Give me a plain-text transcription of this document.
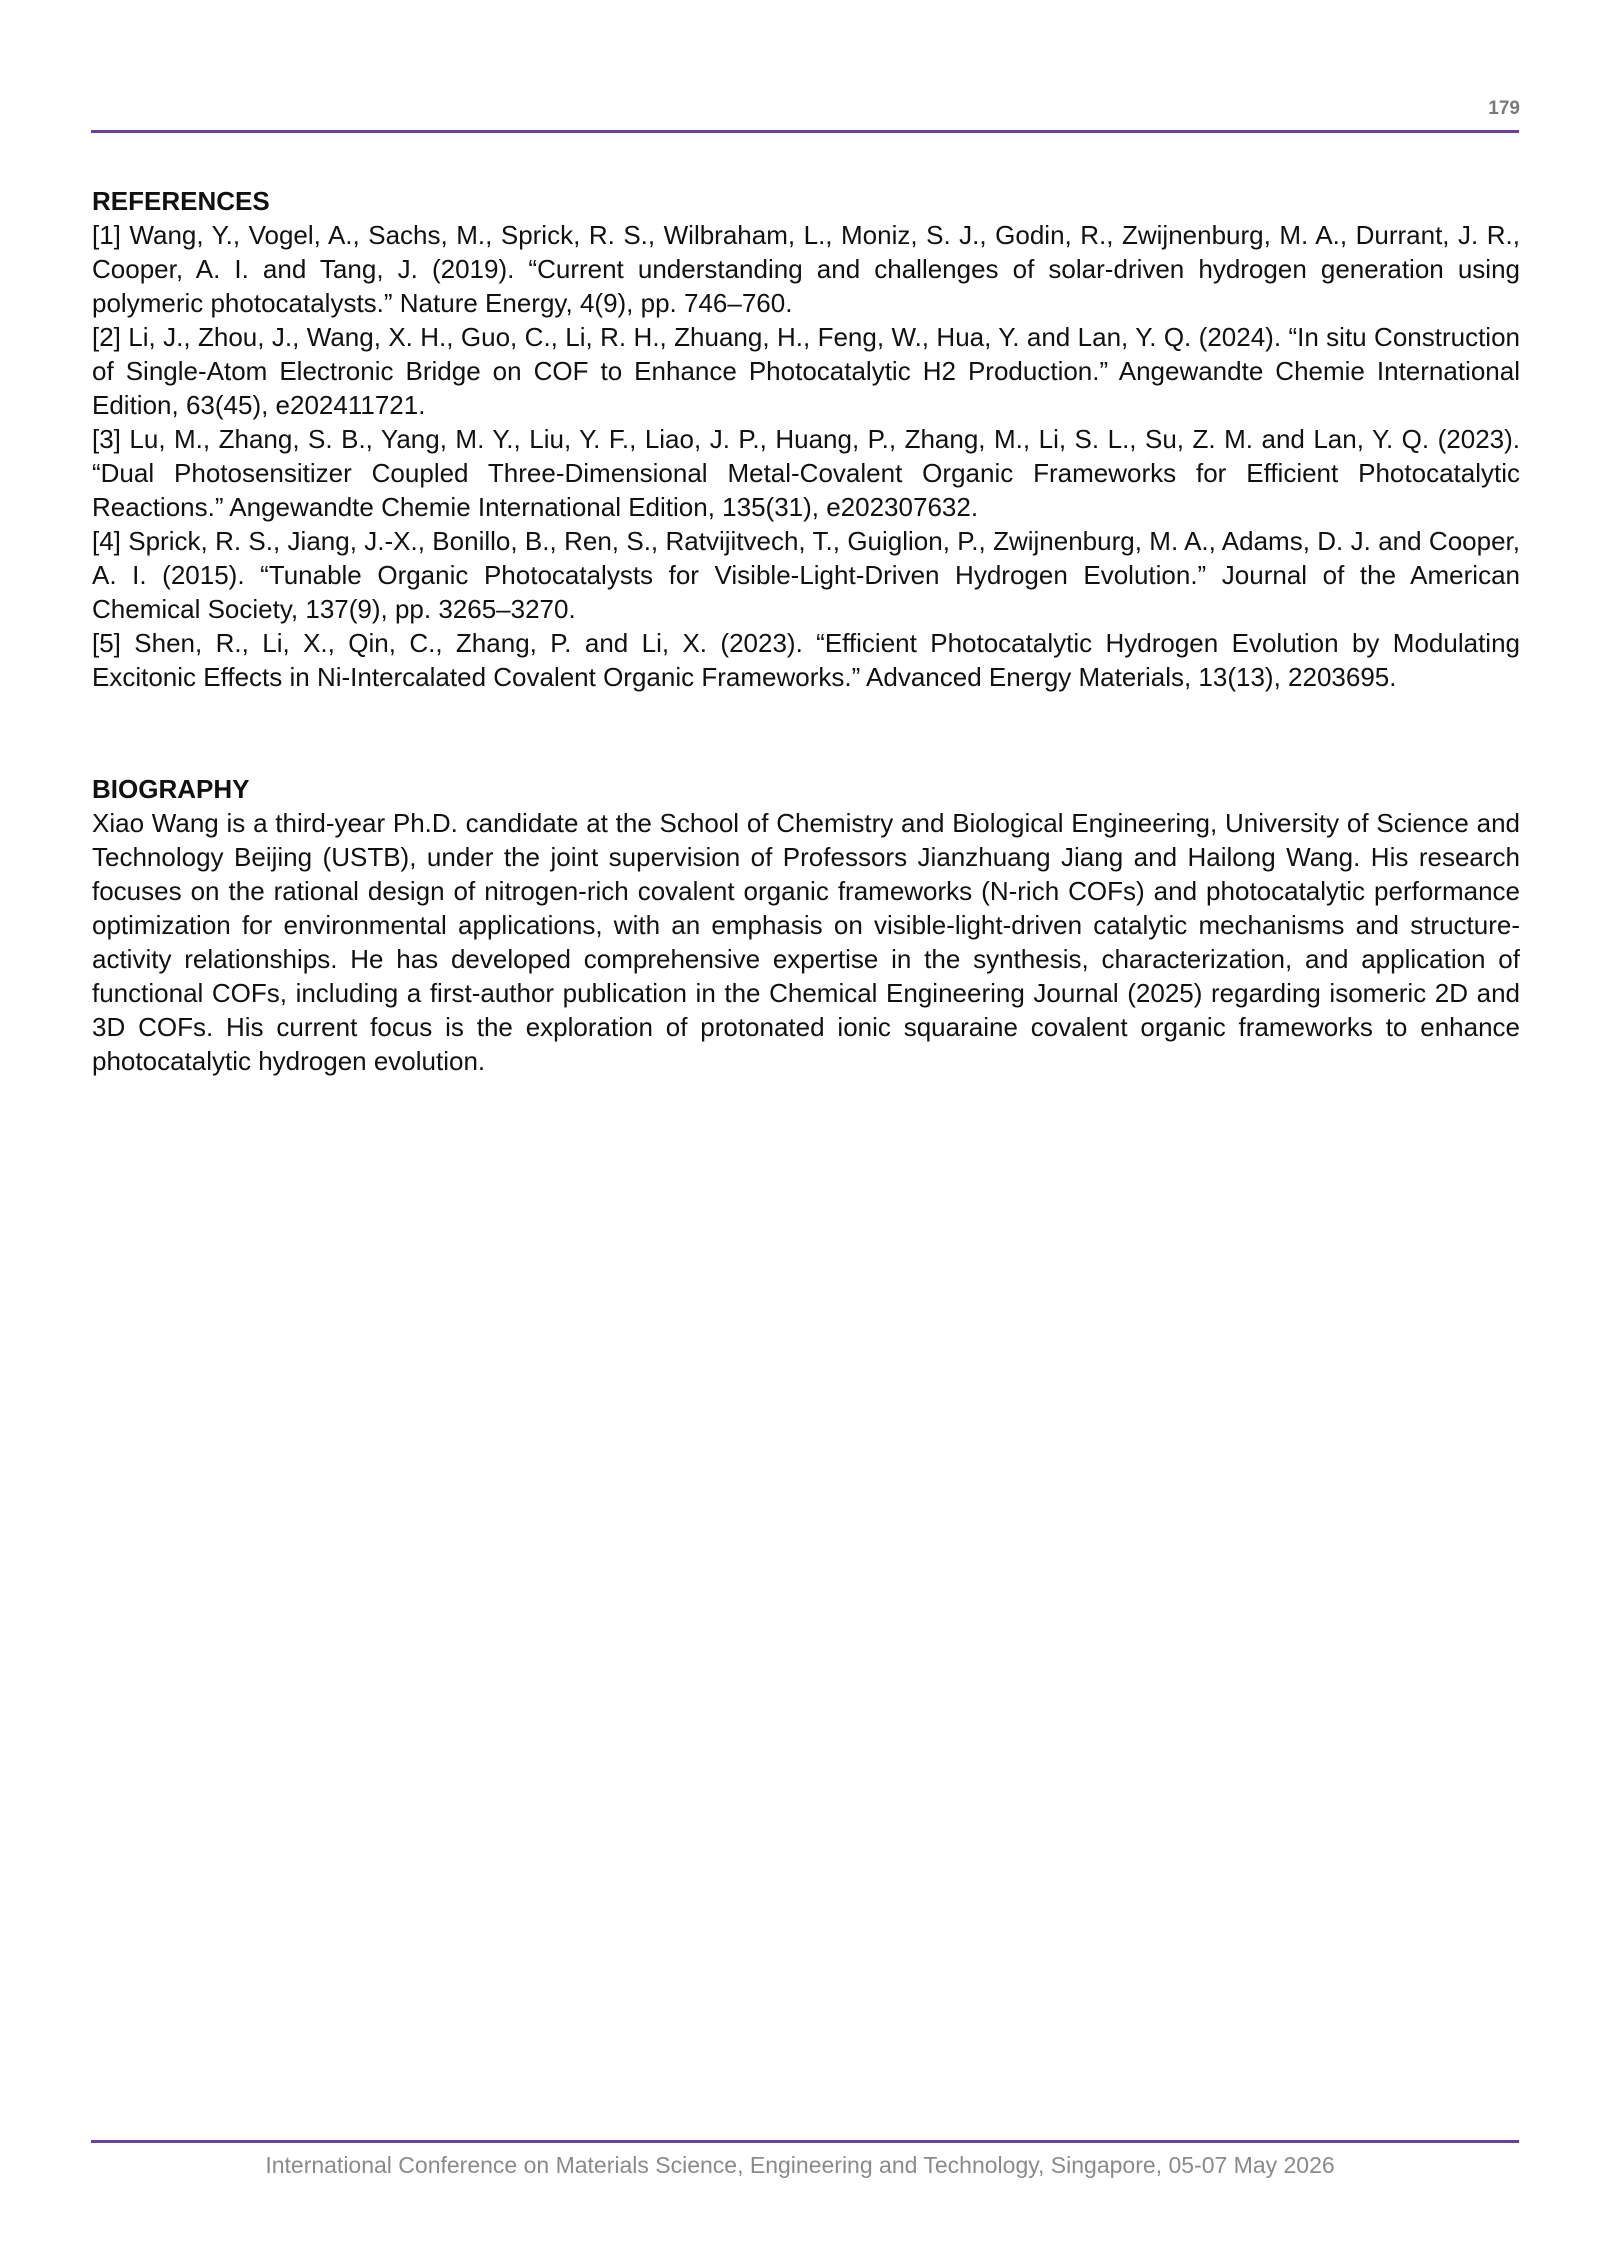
179
REFERENCES

[1] Wang, Y., Vogel, A., Sachs, M., Sprick, R. S., Wilbraham, L., Moniz, S. J., Godin, R., Zwijnenburg, M. A., Durrant, J. R., Cooper, A. I. and Tang, J. (2019). “Current understanding and challenges of solar-driven hydrogen generation using polymeric photocatalysts.” Nature Energy, 4(9), pp. 746–760.

[2] Li, J., Zhou, J., Wang, X. H., Guo, C., Li, R. H., Zhuang, H., Feng, W., Hua, Y. and Lan, Y. Q. (2024). “In situ Construction of Single-Atom Electronic Bridge on COF to Enhance Photocatalytic H2 Production.” Angewandte Chemie International Edition, 63(45), e202411721.

[3] Lu, M., Zhang, S. B., Yang, M. Y., Liu, Y. F., Liao, J. P., Huang, P., Zhang, M., Li, S. L., Su, Z. M. and Lan, Y. Q. (2023). “Dual Photosensitizer Coupled Three-Dimensional Metal-Covalent Organic Frameworks for Efficient Photocatalytic Reactions.” Angewandte Chemie International Edition, 135(31), e202307632.

[4] Sprick, R. S., Jiang, J.-X., Bonillo, B., Ren, S., Ratvijitvech, T., Guiglion, P., Zwijnenburg, M. A., Adams, D. J. and Cooper, A. I. (2015). “Tunable Organic Photocatalysts for Visible-Light-Driven Hydrogen Evolution.” Journal of the American Chemical Society, 137(9), pp. 3265–3270.

[5] Shen, R., Li, X., Qin, C., Zhang, P. and Li, X. (2023). “Efficient Photocatalytic Hydrogen Evolution by Modulating Excitonic Effects in Ni-Intercalated Covalent Organic Frameworks.” Advanced Energy Materials, 13(13), 2203695.

BIOGRAPHY

Xiao Wang is a third-year Ph.D. candidate at the School of Chemistry and Biological Engineering, University of Science and Technology Beijing (USTB), under the joint supervision of Professors Jianzhuang Jiang and Hailong Wang. His research focuses on the rational design of nitrogen-rich covalent organic frameworks (N-rich COFs) and photocatalytic performance optimization for environmental applications, with an emphasis on visible-light-driven catalytic mechanisms and structure-activity relationships. He has developed comprehensive expertise in the synthesis, characterization, and application of functional COFs, including a first-author publication in the Chemical Engineering Journal (2025) regarding isomeric 2D and 3D COFs. His current focus is the exploration of protonated ionic squaraine covalent organic frameworks to enhance photocatalytic hydrogen evolution.

International Conference on Materials Science, Engineering and Technology, Singapore, 05-07 May 2026
